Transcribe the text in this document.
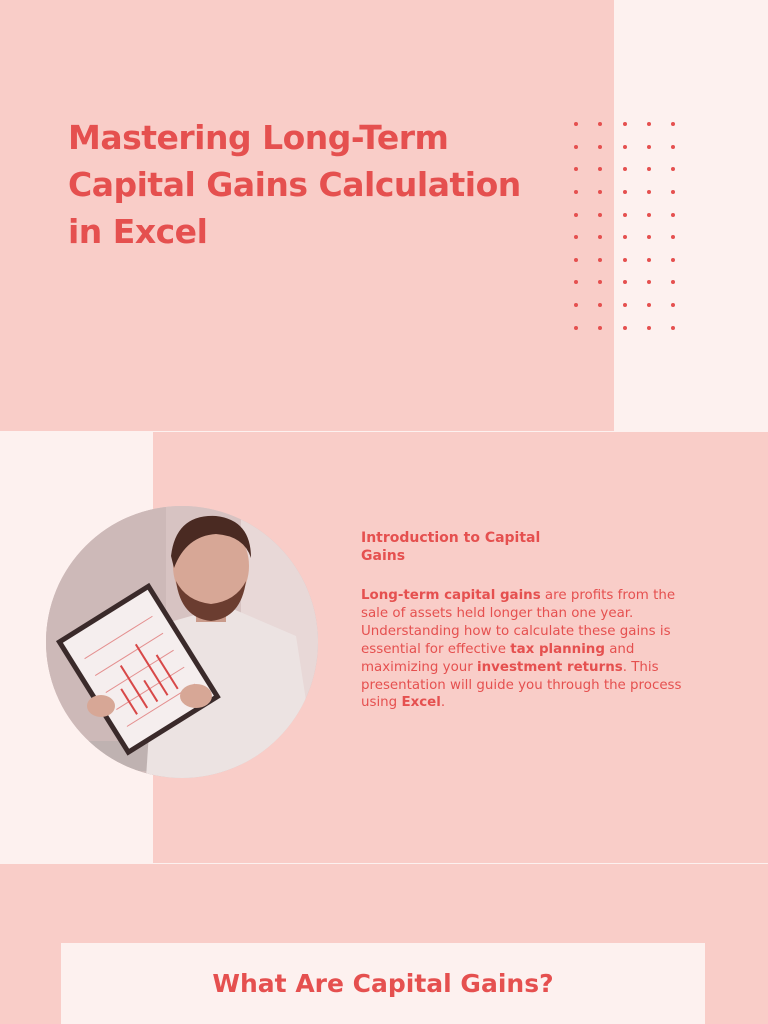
Mastering Long-Term Capital Gains Calculation in Excel
Introduction to Capital Gains

Long-term capital gains are profits from the sale of assets held longer than one year. Understanding how to calculate these gains is essential for effective tax planning and maximizing your investment returns. This presentation will guide you through the process using Excel.

What Are Capital Gains?
